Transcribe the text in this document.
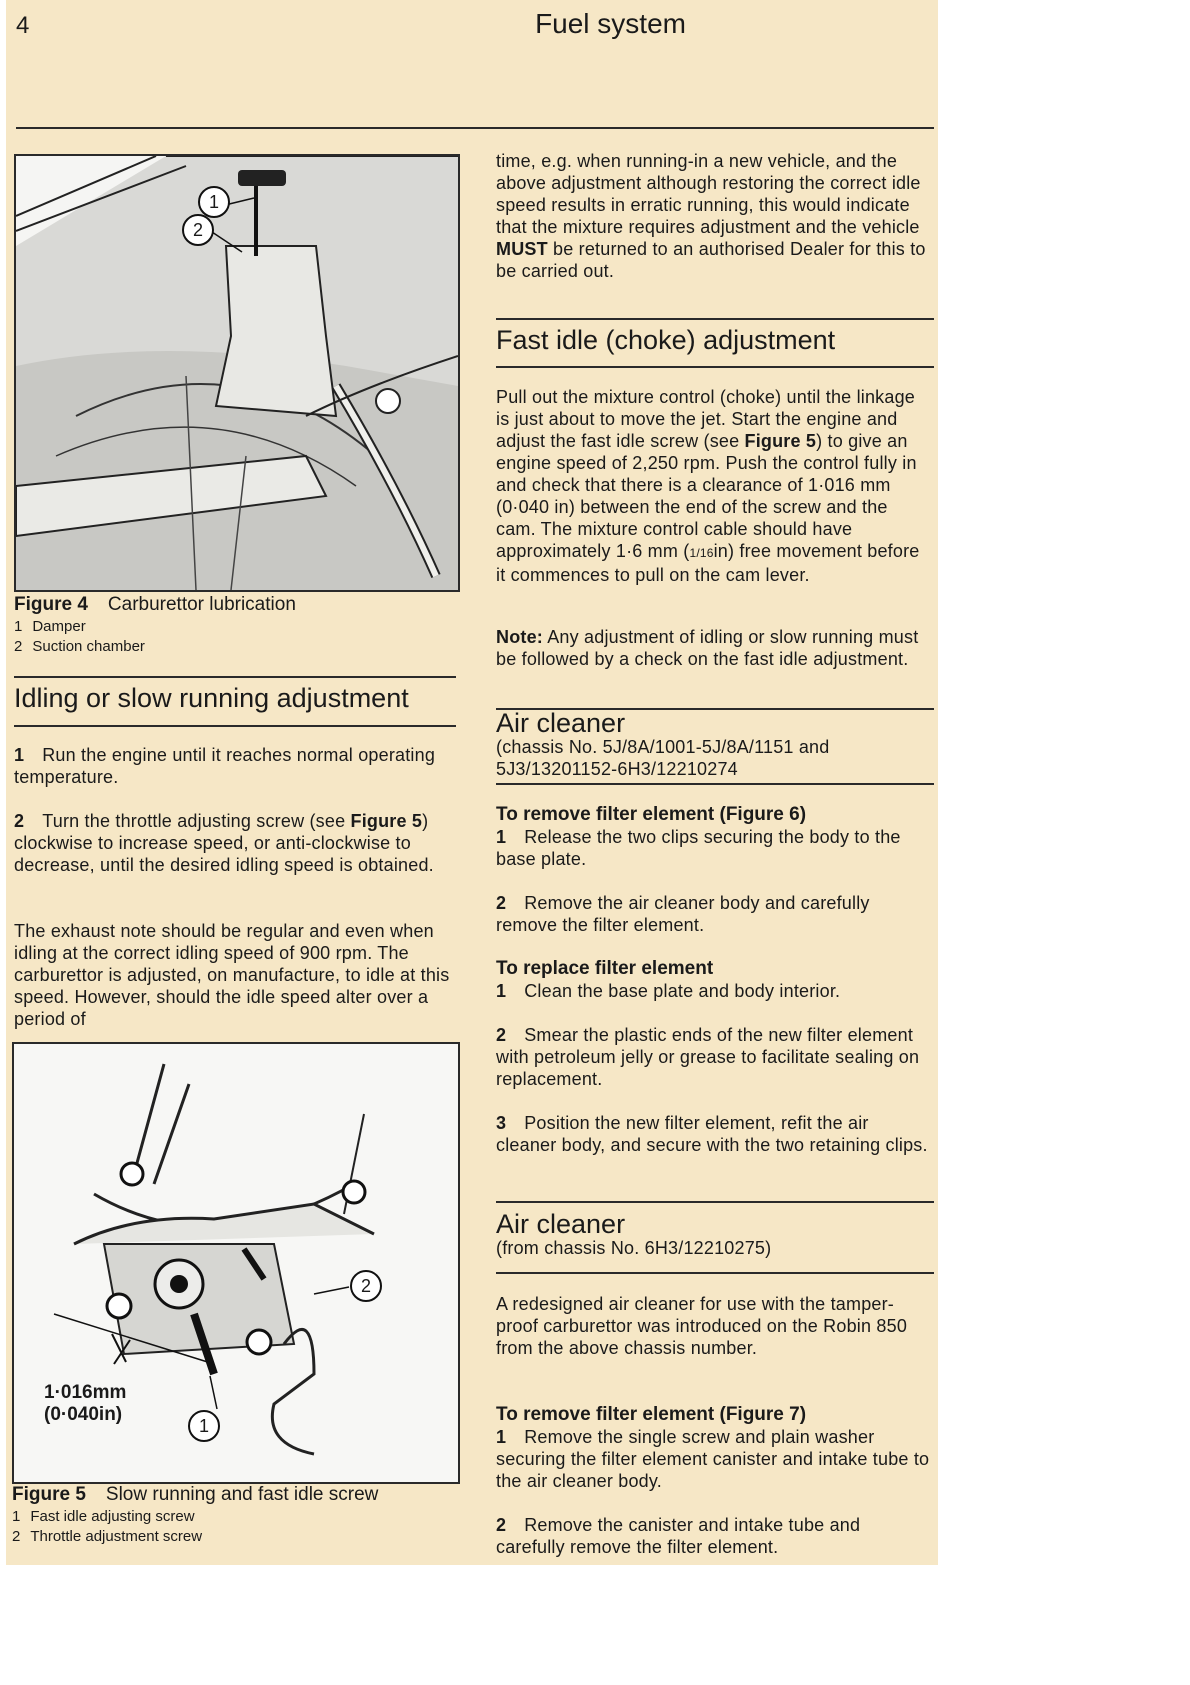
4	Fuel system
1
2
Figure 4 Carburettor lubrication
1 Damper
2 Suction chamber
Idling or slow running adjustment
1 Run the engine until it reaches normal operating temperature.
2 Turn the throttle adjusting screw (see Figure 5) clockwise to increase speed, or anti-clockwise to decrease, until the desired idling speed is obtained.
The exhaust note should be regular and even when idling at the correct idling speed of 900 rpm. The carburettor is adjusted, on manufacture, to idle at this speed. However, should the idle speed alter over a period of
2
1
1·016mm
(0·040in)
Figure 5 Slow running and fast idle screw
1 Fast idle adjusting screw
2 Throttle adjustment screw
time, e.g. when running-in a new vehicle, and the above adjustment although restoring the correct idle speed results in erratic running, this would indicate that the mixture requires adjustment and the vehicle MUST be returned to an authorised Dealer for this to be carried out.
Fast idle (choke) adjustment
Pull out the mixture control (choke) until the linkage is just about to move the jet. Start the engine and adjust the fast idle screw (see Figure 5) to give an engine speed of 2,250 rpm. Push the control fully in and check that there is a clearance of 1·016 mm (0·040 in) between the end of the screw and the cam. The mixture control cable should have approximately 1·6 mm (1/16in) free movement before it commences to pull on the cam lever.
Note: Any adjustment of idling or slow running must be followed by a check on the fast idle adjustment.
Air cleaner
(chassis No. 5J/8A/1001-5J/8A/1151 and
5J3/13201152-6H3/12210274
To remove filter element (Figure 6)
1 Release the two clips securing the body to the base plate.
2 Remove the air cleaner body and carefully remove the filter element.
To replace filter element
1 Clean the base plate and body interior.
2 Smear the plastic ends of the new filter element with petroleum jelly or grease to facilitate sealing on replacement.
3 Position the new filter element, refit the air cleaner body, and secure with the two retaining clips.
Air cleaner
(from chassis No. 6H3/12210275)
A redesigned air cleaner for use with the tamper-proof carburettor was introduced on the Robin 850 from the above chassis number.
To remove filter element (Figure 7)
1 Remove the single screw and plain washer securing the filter element canister and intake tube to the air cleaner body.
2 Remove the canister and intake tube and carefully remove the filter element.
